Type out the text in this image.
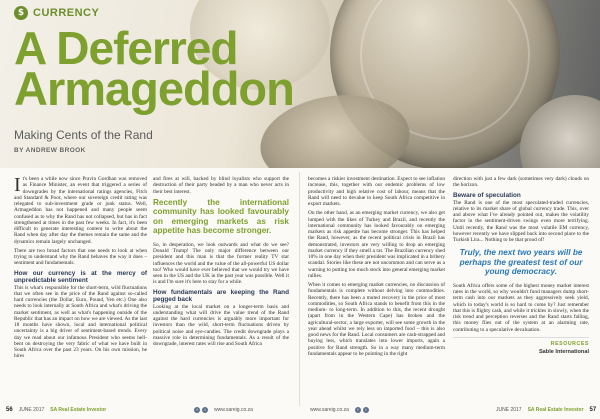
$ CURRENCY
A Deferred
Armageddon
Making Cents of the Rand
BY ANDREW BROOK

It's been a while now since Pravin Gordhan was removed as Finance Minister, an event that triggered a series of downgrades by the international ratings agencies, Fitch and Standard & Poor, where our sovereign credit rating was relegated to sub-investment grade or junk status. Well, Armageddon has not happened and many people seem confused as to why the Rand has not collapsed, but has in fact strengthened at times in the past few weeks. In fact, it's been difficult to generate interesting content to write about the Rand when day after day the themes remain the same and the dynamics remain largely unchanged.

There are two broad factors that one needs to look at when trying to understand why the Rand behaves the way it does – sentiment and fundamentals.

How our currency is at the mercy of unpredictable sentiment

This is what's responsible for the short-term, wild fluctuations that we often see in the price of the Rand against so-called hard currencies (the Dollar, Euro, Pound, Yen etc.) One also needs to look internally at South Africa and what's driving the market sentiment, as well as what's happening outside of the Republic that has an impact on how we are viewed. As the last 18 months have shown, local and international political uncertainty is a big driver of sentiment-based trends. Every day we read about our infamous President who seems hell-bent on destroying the very fabric of what we have built in South Africa over the past 23 years. On his own mission, he hires

and fires at will, backed by blind loyalists who support the destruction of their party headed by a man who never acts in their best interest.

Recently the international community has looked favourably on emerging markets as risk appetite has become stronger.

So, in desperation, we look outwards and what do we see? Donald Trump! The only major difference between our president and this man is that the former reality TV star influences the world and the value of the all-powerful US dollar too! Who would have ever believed that we would try we have seen in the US and the UK in the past year was possible. Well it is and I'm sure it's here to stay for a while.

How fundamentals are keeping the Rand pegged back

Looking at the local market on a longer-term basis and understanding what will drive the value trend of the Rand against the hard currencies is arguably more important for investors than the wild, short-term fluctuations driven by political noise and eye-candies. The credit downgrade plays a massive role in determining fundamentals. As a result of the downgrade, interest rates will rise and South Africa

becomes a riskier investment destination. Expect to see inflation increase, this, together with our endemic problems of low productivity and high relative cost of labour, means that the Rand will need to devalue to keep South Africa competitive in export markets.

On the other hand, as an emerging market currency, we also get lumped with the likes of Turkey and Brazil, and recently the international community has looked favourably on emerging markets as risk appetite has become stronger. This has helped the Rand, however, as the recent political crisis in Brazil has demonstrated, investors are very willing to drop an emerging market currency if they smell a rat. The Brazilian currency shed 10% in one day when their president was implicated in a bribery scandal. Stories like these are not uncommon and can serve as a warning to putting too much stock into general emerging market rallies.

When it comes to emerging market currencies, no discussion of fundamentals is complete without delving into commodities. Recently, there has been a muted recovery in the price of most commodities, so South Africa stands to benefit from this in the medium- to long-term. In addition to this, the recent drought (apart from in the Western Cape) has broken and the agricultural-sector, a large exporter, will see some growth in the year ahead whilst we rely less on imported food – this is also good news for the Rand. Local consumers are cash-strapped and buying less, which translates into lower imports, again a positive for Rand strength. So in a way many medium-term fundamentals appear to be pointing in the right

direction with just a few dark (sometimes very dark) clouds on the horizon.

Beware of speculation

The Rand is one of the most speculated-traded currencies, relative to its market share of global currency trade. This, over and above what I've already pointed out, makes the volatility factor in the sentiment-driven swings even more terrifying. Until recently, the Rand was the most volatile EM currency, however recently we have slipped back into second place to the Turkish Lira... Nothing to be that proud of!

Truly, the next two years will be perhaps the greatest test of our young democracy.

South Africa offers some of the highest money market interest rates in the world, so why wouldn't fund managers dump short-term cash into our markets as they aggressively seek yield, which in today's world is so hard to come by? Just remember that this is flighty cash, and while it trickles in slowly, when the risk trend and perception reverses and the Rand starts falling, this money flies out of the system at an alarming rate, contributing to a speculative devaluation.

RESOURCES
Sable International
56 JUNE 2017 SA Real Estate Investor	f	t	www.sareig.co.za	www.sareig.co.za	f	t	JUNE 2017 SA Real Estate Investor 57
